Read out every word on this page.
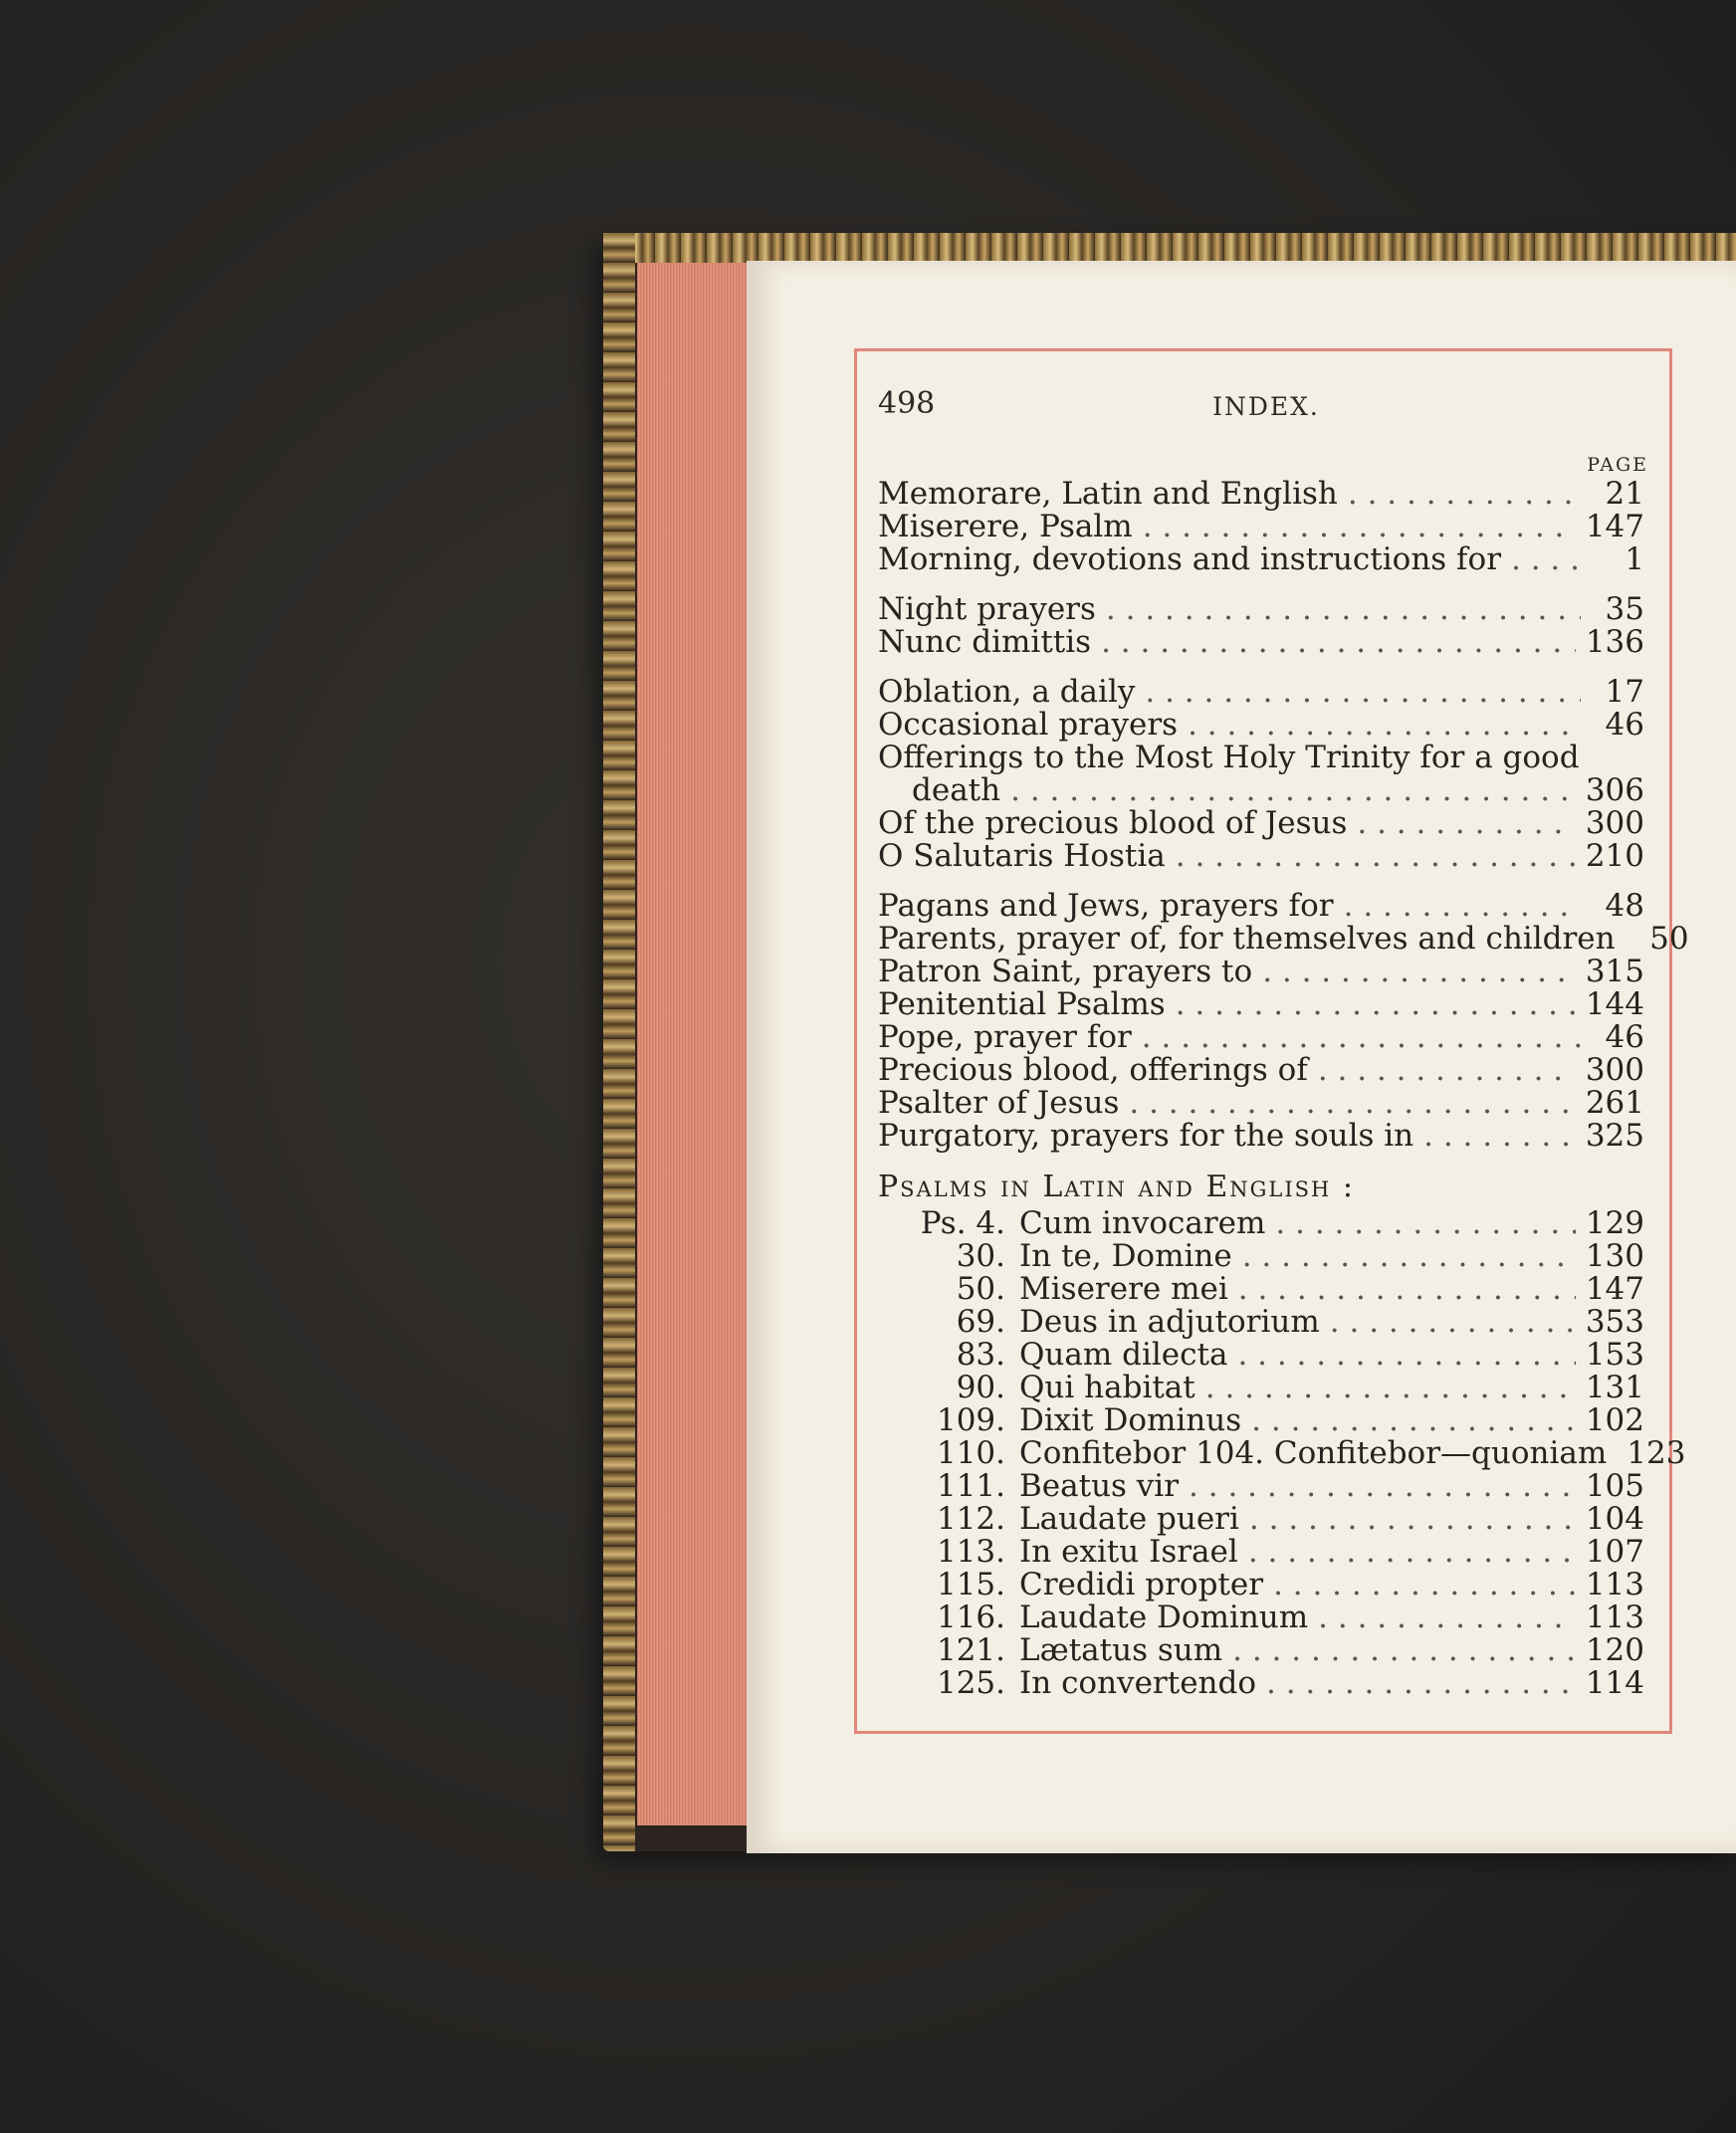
498	INDEX.
PAGE
Memorare, Latin and English . . .	21
Miserere, Psalm . . .	147
Morning, devotions and instructions for . . .	1
Night prayers . . .	35
Nunc dimittis . . .	136
Oblation, a daily . . .	17
Occasional prayers . . .	46
Offerings to the Most Holy Trinity for a good
death . . .	306
Of the precious blood of Jesus . . .	300
O Salutaris Hostia . . .	210
Pagans and Jews, prayers for . . .	48
Parents, prayer of, for themselves and children	50
Patron Saint, prayers to . . .	315
Penitential Psalms . . .	144
Pope, prayer for . . .	46
Precious blood, offerings of . . .	300
Psalter of Jesus . . .	261
Purgatory, prayers for the souls in . . .	325
Psalms in Latin and English :
Ps. 4. Cum invocarem . . .	129
30. In te, Domine . . .	130
50. Miserere mei . . .	147
69. Deus in adjutorium . . .	353
83. Quam dilecta . . .	153
90. Qui habitat . . .	131
109. Dixit Dominus . . .	102
110. Confitebor 104. Confitebor—quoniam 123
111. Beatus vir . . .	105
112. Laudate pueri . . .	104
113. In exitu Israel . . .	107
115. Credidi propter . . .	113
116. Laudate Dominum . . .	113
121. Lætatus sum . . .	120
125. In convertendo . . .	114
